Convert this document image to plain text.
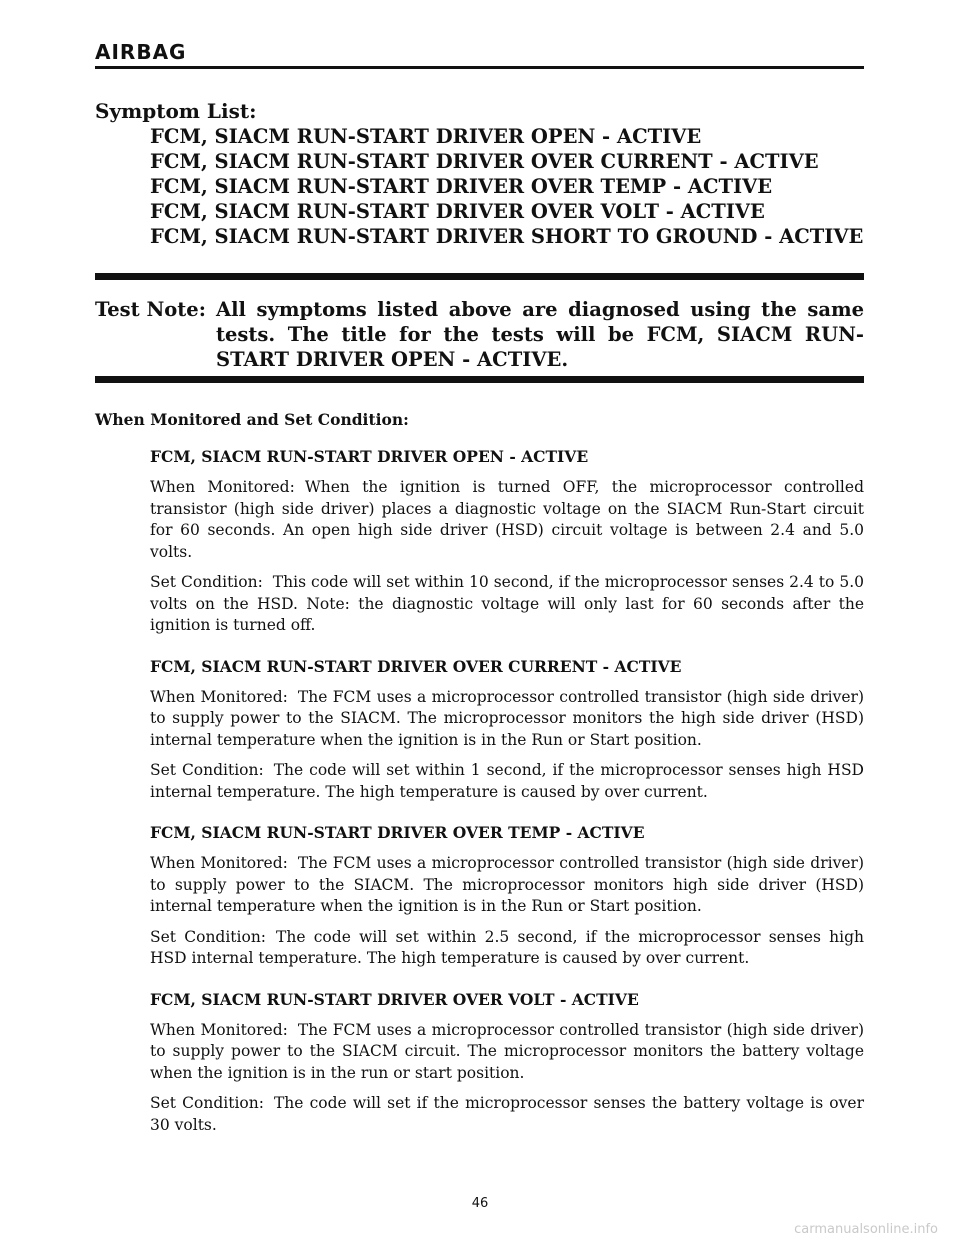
AIRBAG
Symptom List:
FCM, SIACM RUN-START DRIVER OPEN - ACTIVE
FCM, SIACM RUN-START DRIVER OVER CURRENT - ACTIVE
FCM, SIACM RUN-START DRIVER OVER TEMP - ACTIVE
FCM, SIACM RUN-START DRIVER OVER VOLT - ACTIVE
FCM, SIACM RUN-START DRIVER SHORT TO GROUND - ACTIVE
Test Note: All symptoms listed above are diagnosed using the same tests. The title for the tests will be FCM, SIACM RUN-START DRIVER OPEN - ACTIVE.
When Monitored and Set Condition:
FCM, SIACM RUN-START DRIVER OPEN - ACTIVE

When Monitored: When the ignition is turned OFF, the microprocessor controlled transistor (high side driver) places a diagnostic voltage on the SIACM Run-Start circuit for 60 seconds. An open high side driver (HSD) circuit voltage is between 2.4 and 5.0 volts.

Set Condition: This code will set within 10 second, if the microprocessor senses 2.4 to 5.0 volts on the HSD. Note: the diagnostic voltage will only last for 60 seconds after the ignition is turned off.

FCM, SIACM RUN-START DRIVER OVER CURRENT - ACTIVE

When Monitored: The FCM uses a microprocessor controlled transistor (high side driver) to supply power to the SIACM. The microprocessor monitors the high side driver (HSD) internal temperature when the ignition is in the Run or Start position.

Set Condition: The code will set within 1 second, if the microprocessor senses high HSD internal temperature. The high temperature is caused by over current.

FCM, SIACM RUN-START DRIVER OVER TEMP - ACTIVE

When Monitored: The FCM uses a microprocessor controlled transistor (high side driver) to supply power to the SIACM. The microprocessor monitors high side driver (HSD) internal temperature when the ignition is in the Run or Start position.

Set Condition: The code will set within 2.5 second, if the microprocessor senses high HSD internal temperature. The high temperature is caused by over current.

FCM, SIACM RUN-START DRIVER OVER VOLT - ACTIVE

When Monitored: The FCM uses a microprocessor controlled transistor (high side driver) to supply power to the SIACM circuit. The microprocessor monitors the battery voltage when the ignition is in the run or start position.

Set Condition: The code will set if the microprocessor senses the battery voltage is over 30 volts.

46
carmanualsonline.info
